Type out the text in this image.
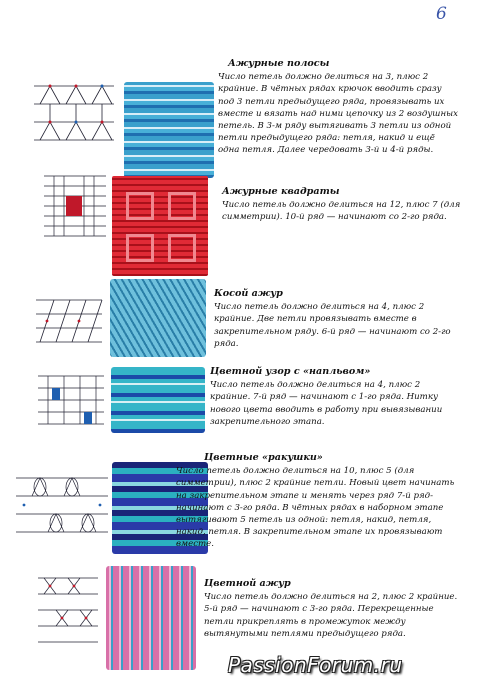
6
Ажурные полосы
Число петель должно делиться на 3, плюс 2 крайние. В чётных рядах крючок вводить сразу под 3 петли предыдущего ряда, провязывать их вместе и вязать над ними цепочку из 2 воздушных петель. В 3-м ряду вытягивать 3 петли из одной петли предыдущего ряда: петля, накид и ещё одна петля. Далее чередовать 3-й и 4-й ряды.
Ажурные квадраты
Число петель должно делиться на 12, плюс 7 (для симметрии). 10-й ряд — начинают со 2-го ряда.
Косой ажур
Число петель должно делиться на 4, плюс 2 крайние. Две петли провязывать вместе в закрепительном ряду. 6-й ряд — начинают со 2-го ряда.
Цветной узор с «напльвом»
Число петель должно делиться на 4, плюс 2 крайние. 7-й ряд — начинают с 1-го ряда. Нитку нового цвета вводить в работу при вывязывании закрепительного этапа.
Цветные «ракушки»
Число петель должно делиться на 10, плюс 5 (для симметрии), плюс 2 крайние петли. Новый цвет начинать на закрепительном этапе и менять через ряд 7-й ряд- начинают с 3-го ряда. В чётных рядах в наборном этапе вытягивают 5 петель из одной: петля, накид, петля, накид, петля. В закрепительном этапе их провязывают вместе.
Цветной ажур
Число петель должно делиться на 2, плюс 2 крайние. 5-й ряд — начинают с 3-го ряда. Перекрещенные петли прикреплять в промежуток между вытянутыми петлями предыдущего ряда.
PassionForum.ru
